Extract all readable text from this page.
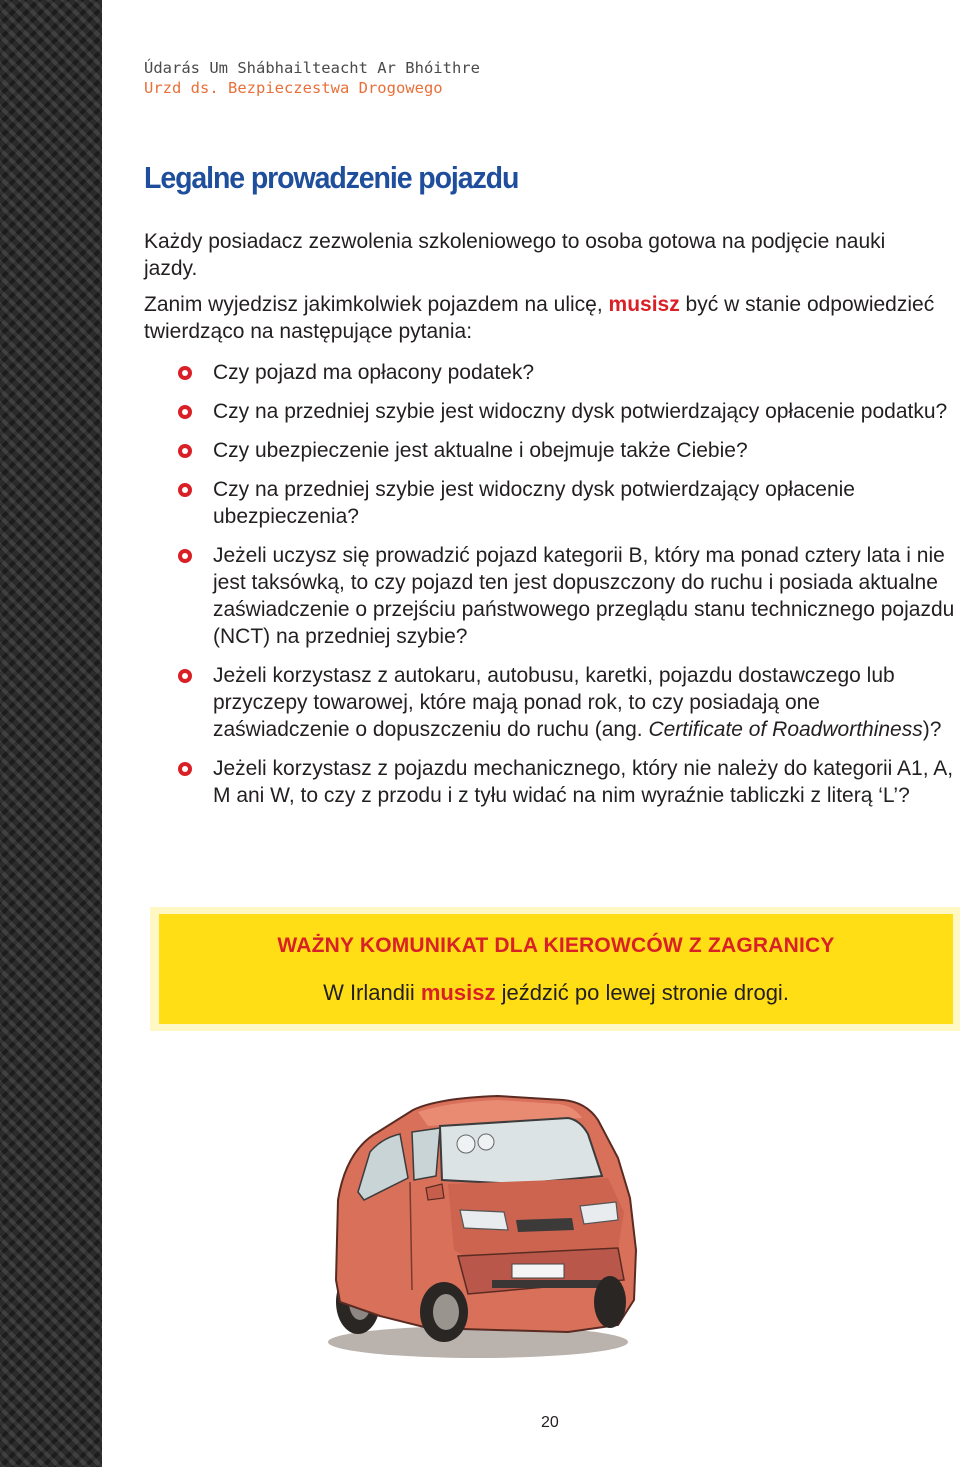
Údarás Um Shábhailteacht Ar Bhóithre
Urzd ds. Bezpieczestwa Drogowego
Legalne prowadzenie pojazdu

Każdy posiadacz zezwolenia szkoleniowego to osoba gotowa na podjęcie nauki jazdy.

Zanim wyjedzisz jakimkolwiek pojazdem na ulicę, musisz być w stanie odpowiedzieć twierdząco na następujące pytania:

Czy pojazd ma opłacony podatek?
Czy na przedniej szybie jest widoczny dysk potwierdzający opłacenie podatku?
Czy ubezpieczenie jest aktualne i obejmuje także Ciebie?
Czy na przedniej szybie jest widoczny dysk potwierdzający opłacenie ubezpieczenia?
Jeżeli uczysz się prowadzić pojazd kategorii B, który ma ponad cztery lata i nie jest taksówką, to czy pojazd ten jest dopuszczony do ruchu i posiada aktualne zaświadczenie o przejściu państwowego przeglądu stanu technicznego pojazdu (NCT) na przedniej szybie?
Jeżeli korzystasz z autokaru, autobusu, karetki, pojazdu dostawczego lub przyczepy towarowej, które mają ponad rok, to czy posiadają one zaświadczenie o dopuszczeniu do ruchu (ang. Certificate of Roadworthiness)?
Jeżeli korzystasz z pojazdu mechanicznego, który nie należy do kategorii A1, A, M ani W, to czy z przodu i z tyłu widać na nim wyraźnie tabliczki z literą ‘L’?
WAŻNY KOMUNIKAT DLA KIEROWCÓW Z ZAGRANICY
W Irlandii musisz jeździć po lewej stronie drogi.
20
